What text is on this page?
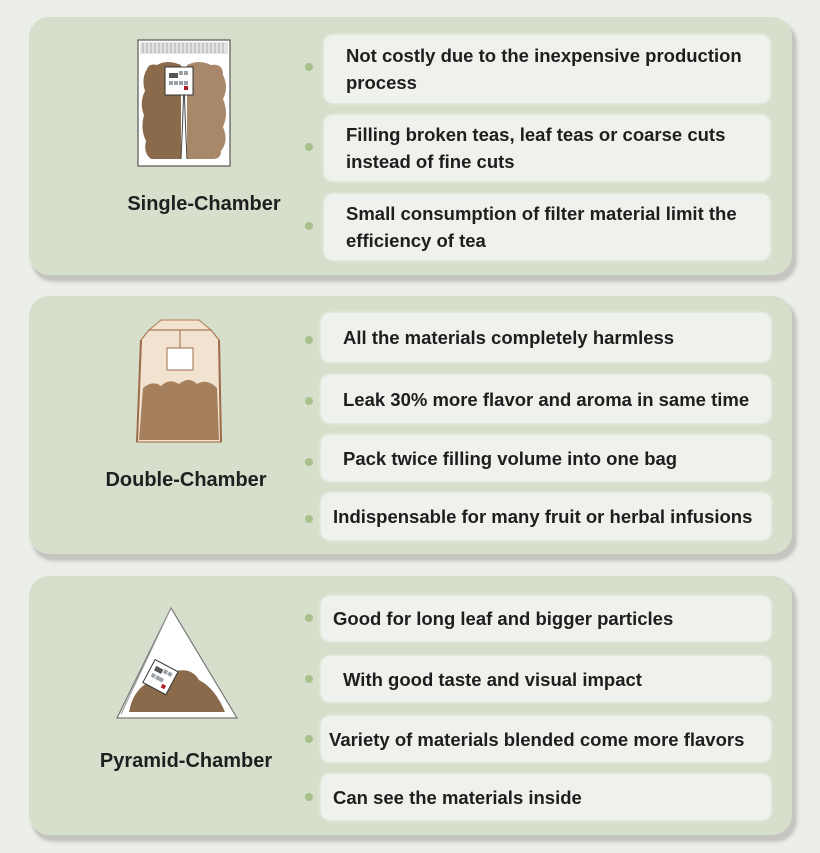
Single-Chamber
Not costly due to the inexpensive production process
Filling broken teas, leaf teas or coarse cuts instead of fine cuts
Small consumption of filter material limit the efficiency of tea
Double-Chamber
All the materials completely harmless
Leak 30% more flavor and aroma in same time
Pack twice filling volume into one bag
Indispensable for many fruit or herbal infusions
Pyramid-Chamber
Good for long leaf and bigger particles
With good taste and visual impact
Variety of materials blended come more flavors
Can see the materials inside
